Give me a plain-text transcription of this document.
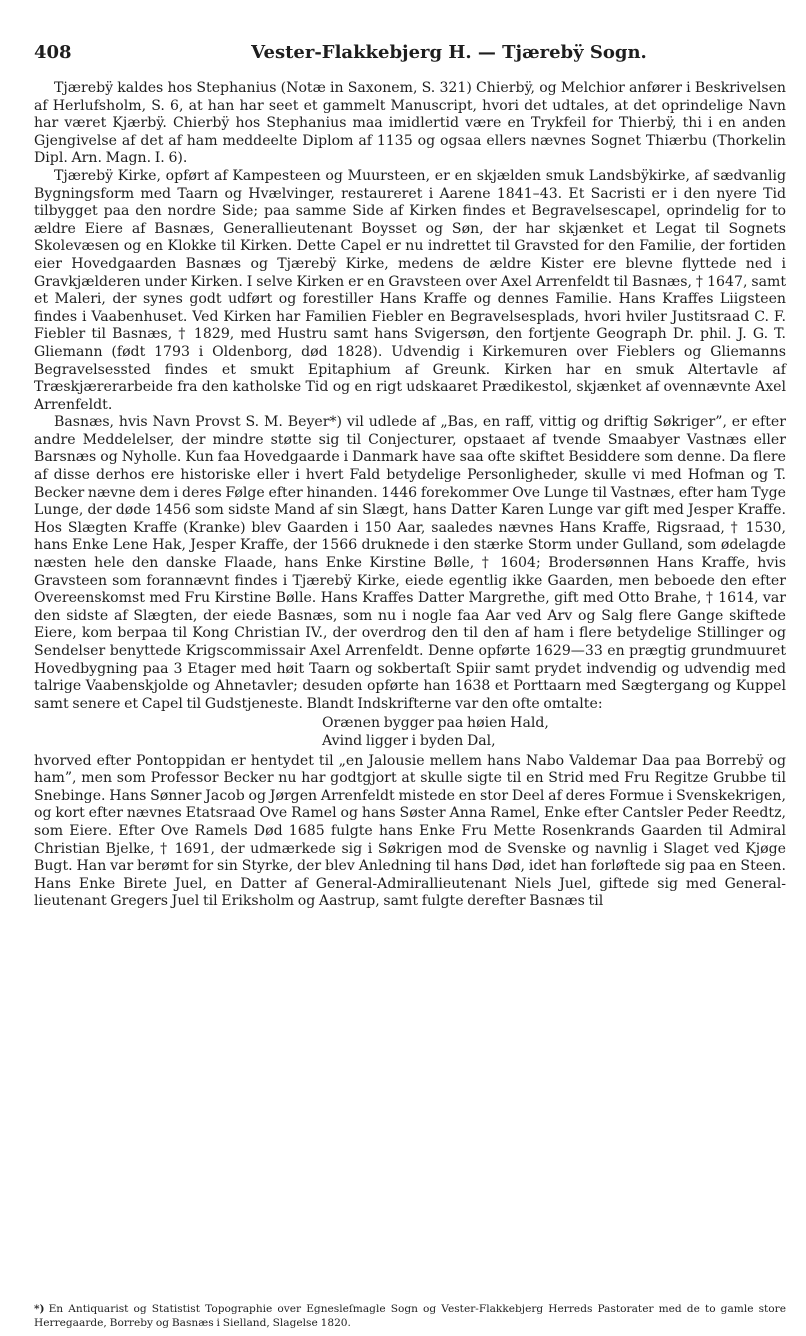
408	Vester-Flakkebjerg H. — Tjærebÿ Sogn.

Tjærebÿ kaldes hos Stephanius (Notæ in Saxonem, S. 321) Chierbÿ, og Melchior anfører i Beskrivelsen af Herlufsholm, S. 6, at han har seet et gammelt Manuscript, hvori det udtales, at det oprindelige Navn har været Kjærbÿ. Chierbÿ hos Stephanius maa imidlertid være en Trykfeil for Thierbÿ, thi i en anden Gjengivelse af det af ham meddeelte Diplom af 1135 og ogsaa ellers nævnes Sognet Thiærbu (Thorkelin Dipl. Arn. Magn. I. 6).

Tjærebÿ Kirke, opført af Kampesteen og Muursteen, er en skjælden smuk Landsbÿkirke, af sædvanlig Bygningsform med Taarn og Hvælvinger, restaureret i Aarene 1841–43. Et Sacristi er i den nyere Tid tilbygget paa den nordre Side; paa samme Side af Kirken findes et Begravelsescapel, oprindelig for to ældre Eiere af Basnæs, Generallieutenant Boysset og Søn, der har skjænket et Legat til Sognets Skolevæsen og en Klokke til Kirken. Dette Capel er nu indrettet til Gravsted for den Familie, der fortiden eier Hovedgaarden Basnæs og Tjærebÿ Kirke, medens de ældre Kister ere blevne flyttede ned i Gravkjælderen under Kirken. I selve Kirken er en Gravsteen over Axel Arrenfeldt til Basnæs, † 1647, samt et Maleri, der synes godt udført og forestiller Hans Kraffe og dennes Familie. Hans Kraffes Liigsteen findes i Vaabenhuset. Ved Kirken har Familien Fiebler en Begravelsesplads, hvori hviler Justitsraad C. F. Fiebler til Basnæs, † 1829, med Hustru samt hans Svigersøn, den fortjente Geograph Dr. phil. J. G. T. Gliemann (født 1793 i Oldenborg, død 1828). Udvendig i Kirkemuren over Fieblers og Gliemanns Begravelsessted findes et smukt Epitaphium af Greunk. Kirken har en smuk Altertavle af Træskjærerarbeide fra den katholske Tid og en rigt udskaaret Prædikestol, skjænket af ovennævnte Axel Arrenfeldt.

Basnæs, hvis Navn Provst S. M. Beyer*) vil udlede af „Bas, en raff, vittig og driftig Søkriger”, er efter andre Meddelelser, der mindre støtte sig til Conjecturer, opstaaet af tvende Smaabyer Vastnæs eller Barsnæs og Nyholle. Kun faa Hovedgaarde i Danmark have saa ofte skiftet Besiddere som denne. Da flere af disse derhos ere historiske eller i hvert Fald betydelige Personligheder, skulle vi med Hofman og T. Becker nævne dem i deres Følge efter hinanden. 1446 forekommer Ove Lunge til Vastnæs, efter ham Tyge Lunge, der døde 1456 som sidste Mand af sin Slægt, hans Datter Karen Lunge var gift med Jesper Kraffe. Hos Slægten Kraffe (Kranke) blev Gaarden i 150 Aar, saaledes nævnes Hans Kraffe, Rigsraad, † 1530, hans Enke Lene Hak, Jesper Kraffe, der 1566 druknede i den stærke Storm under Gulland, som ødelagde næsten hele den danske Flaade, hans Enke Kirstine Bølle, † 1604; Brodersønnen Hans Kraffe, hvis Gravsteen som forannævnt findes i Tjærebÿ Kirke, eiede egentlig ikke Gaarden, men beboede den efter Overeenskomst med Fru Kirstine Bølle. Hans Kraffes Datter Margrethe, gift med Otto Brahe, † 1614, var den sidste af Slægten, der eiede Basnæs, som nu i nogle faa Aar ved Arv og Salg flere Gange skiftede Eiere, kom berpaa til Kong Christian IV., der overdrog den til den af ham i flere betydelige Stillinger og Sendelser benyttede Krigscommissair Axel Arrenfeldt. Denne opførte 1629—33 en prægtig grundmuuret Hovedbygning paa 3 Etager med høit Taarn og sokbertaſt Spiir samt prydet indvendig og udvendig med talrige Vaabenskjolde og Ahnetavler; desuden opførte han 1638 et Porttaarn med Sægtergang og Kuppel samt senere et Capel til Gudstjeneste. Blandt Indskrifterne var den ofte omtalte:

Orænen bygger paa høien Hald,
Avind ligger i byden Dal,

hvorved efter Pontoppidan er hentydet til „en Jalousie mellem hans Nabo Valdemar Daa paa Borrebÿ og ham”, men som Professor Becker nu har godtgjort at skulle sigte til en Strid med Fru Regitze Grubbe til Snebinge. Hans Sønner Jacob og Jørgen Arrenfeldt mistede en stor Deel af deres Formue i Svenskekrigen, og kort efter nævnes Etatsraad Ove Ramel og hans Søster Anna Ramel, Enke efter Cantsler Peder Reedtz, som Eiere. Efter Ove Ramels Død 1685 fulgte hans Enke Fru Mette Rosenkrands Gaarden til Admiral Christian Bjelke, † 1691, der udmærkede sig i Søkrigen mod de Svenske og navnlig i Slaget ved Kjøge Bugt. Han var berømt for sin Styrke, der blev Anledning til hans Død, idet han forløftede sig paa en Steen. Hans Enke Birete Juel, en Datter af General-Admirallieutenant Niels Juel, giftede sig med General-lieutenant Gregers Juel til Eriksholm og Aastrup, samt fulgte derefter Basnæs til

*) En Antiquarist og Statistist Topographie over Egnesleſmagle Sogn og Vester-Flakkebjerg Herreds Pastorater med de to gamle store Herregaarde, Borreby og Basnæs i Sielland, Slagelse 1820.
